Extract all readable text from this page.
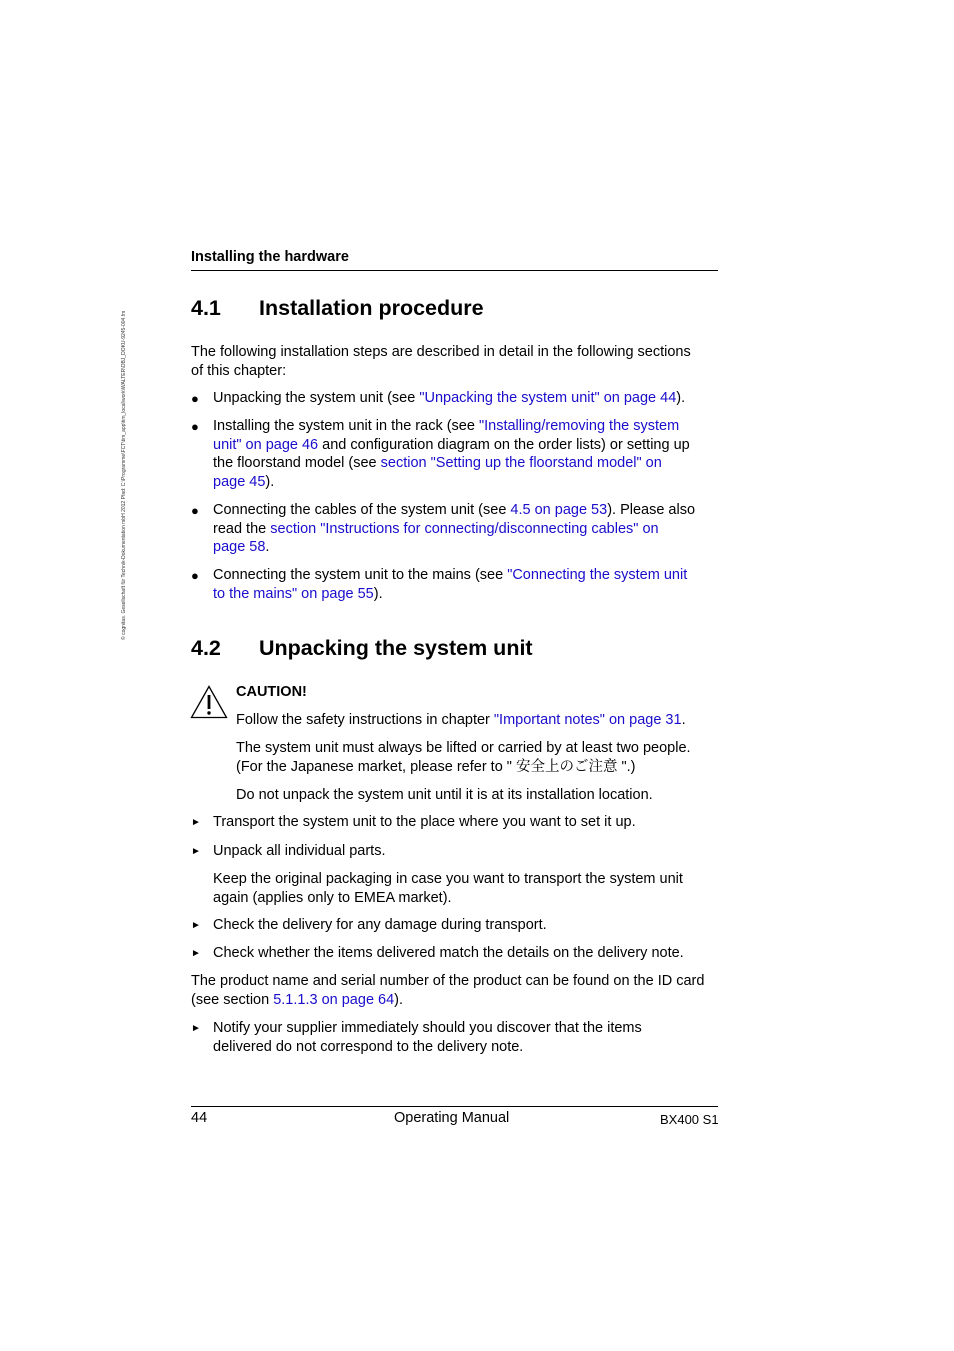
© cognitas. Gesellschaft für Technik-Dokumentation mbH 2012 Pfad: C:\Programme\FCT\tim_app\tim_local\work\WALTER\OBJ_DOKU-9245-004.fm
Installing the hardware
4.1 Installation procedure
The following installation steps are described in detail in the following sections
of this chapter:
● Unpacking the system unit (see "Unpacking the system unit" on page 44).
● Installing the system unit in the rack (see "Installing/removing the system
unit" on page 46 and configuration diagram on the order lists) or setting up
the floorstand model (see section "Setting up the floorstand model" on
page 45).
● Connecting the cables of the system unit (see 4.5 on page 53). Please also
read the section "Instructions for connecting/disconnecting cables" on
page 58.
● Connecting the system unit to the mains (see "Connecting the system unit
to the mains" on page 55).
4.2 Unpacking the system unit
CAUTION!
Follow the safety instructions in chapter "Important notes" on page 31.
The system unit must always be lifted or carried by at least two people.
(For the Japanese market, please refer to " 安全上のご注意 ".)
Do not unpack the system unit until it is at its installation location.
► Transport the system unit to the place where you want to set it up.
► Unpack all individual parts.
Keep the original packaging in case you want to transport the system unit
again (applies only to EMEA market).
► Check the delivery for any damage during transport.
► Check whether the items delivered match the details on the delivery note.
The product name and serial number of the product can be found on the ID card
(see section 5.1.1.3 on page 64).
► Notify your supplier immediately should you discover that the items
delivered do not correspond to the delivery note.
44	Operating Manual	BX400 S1
